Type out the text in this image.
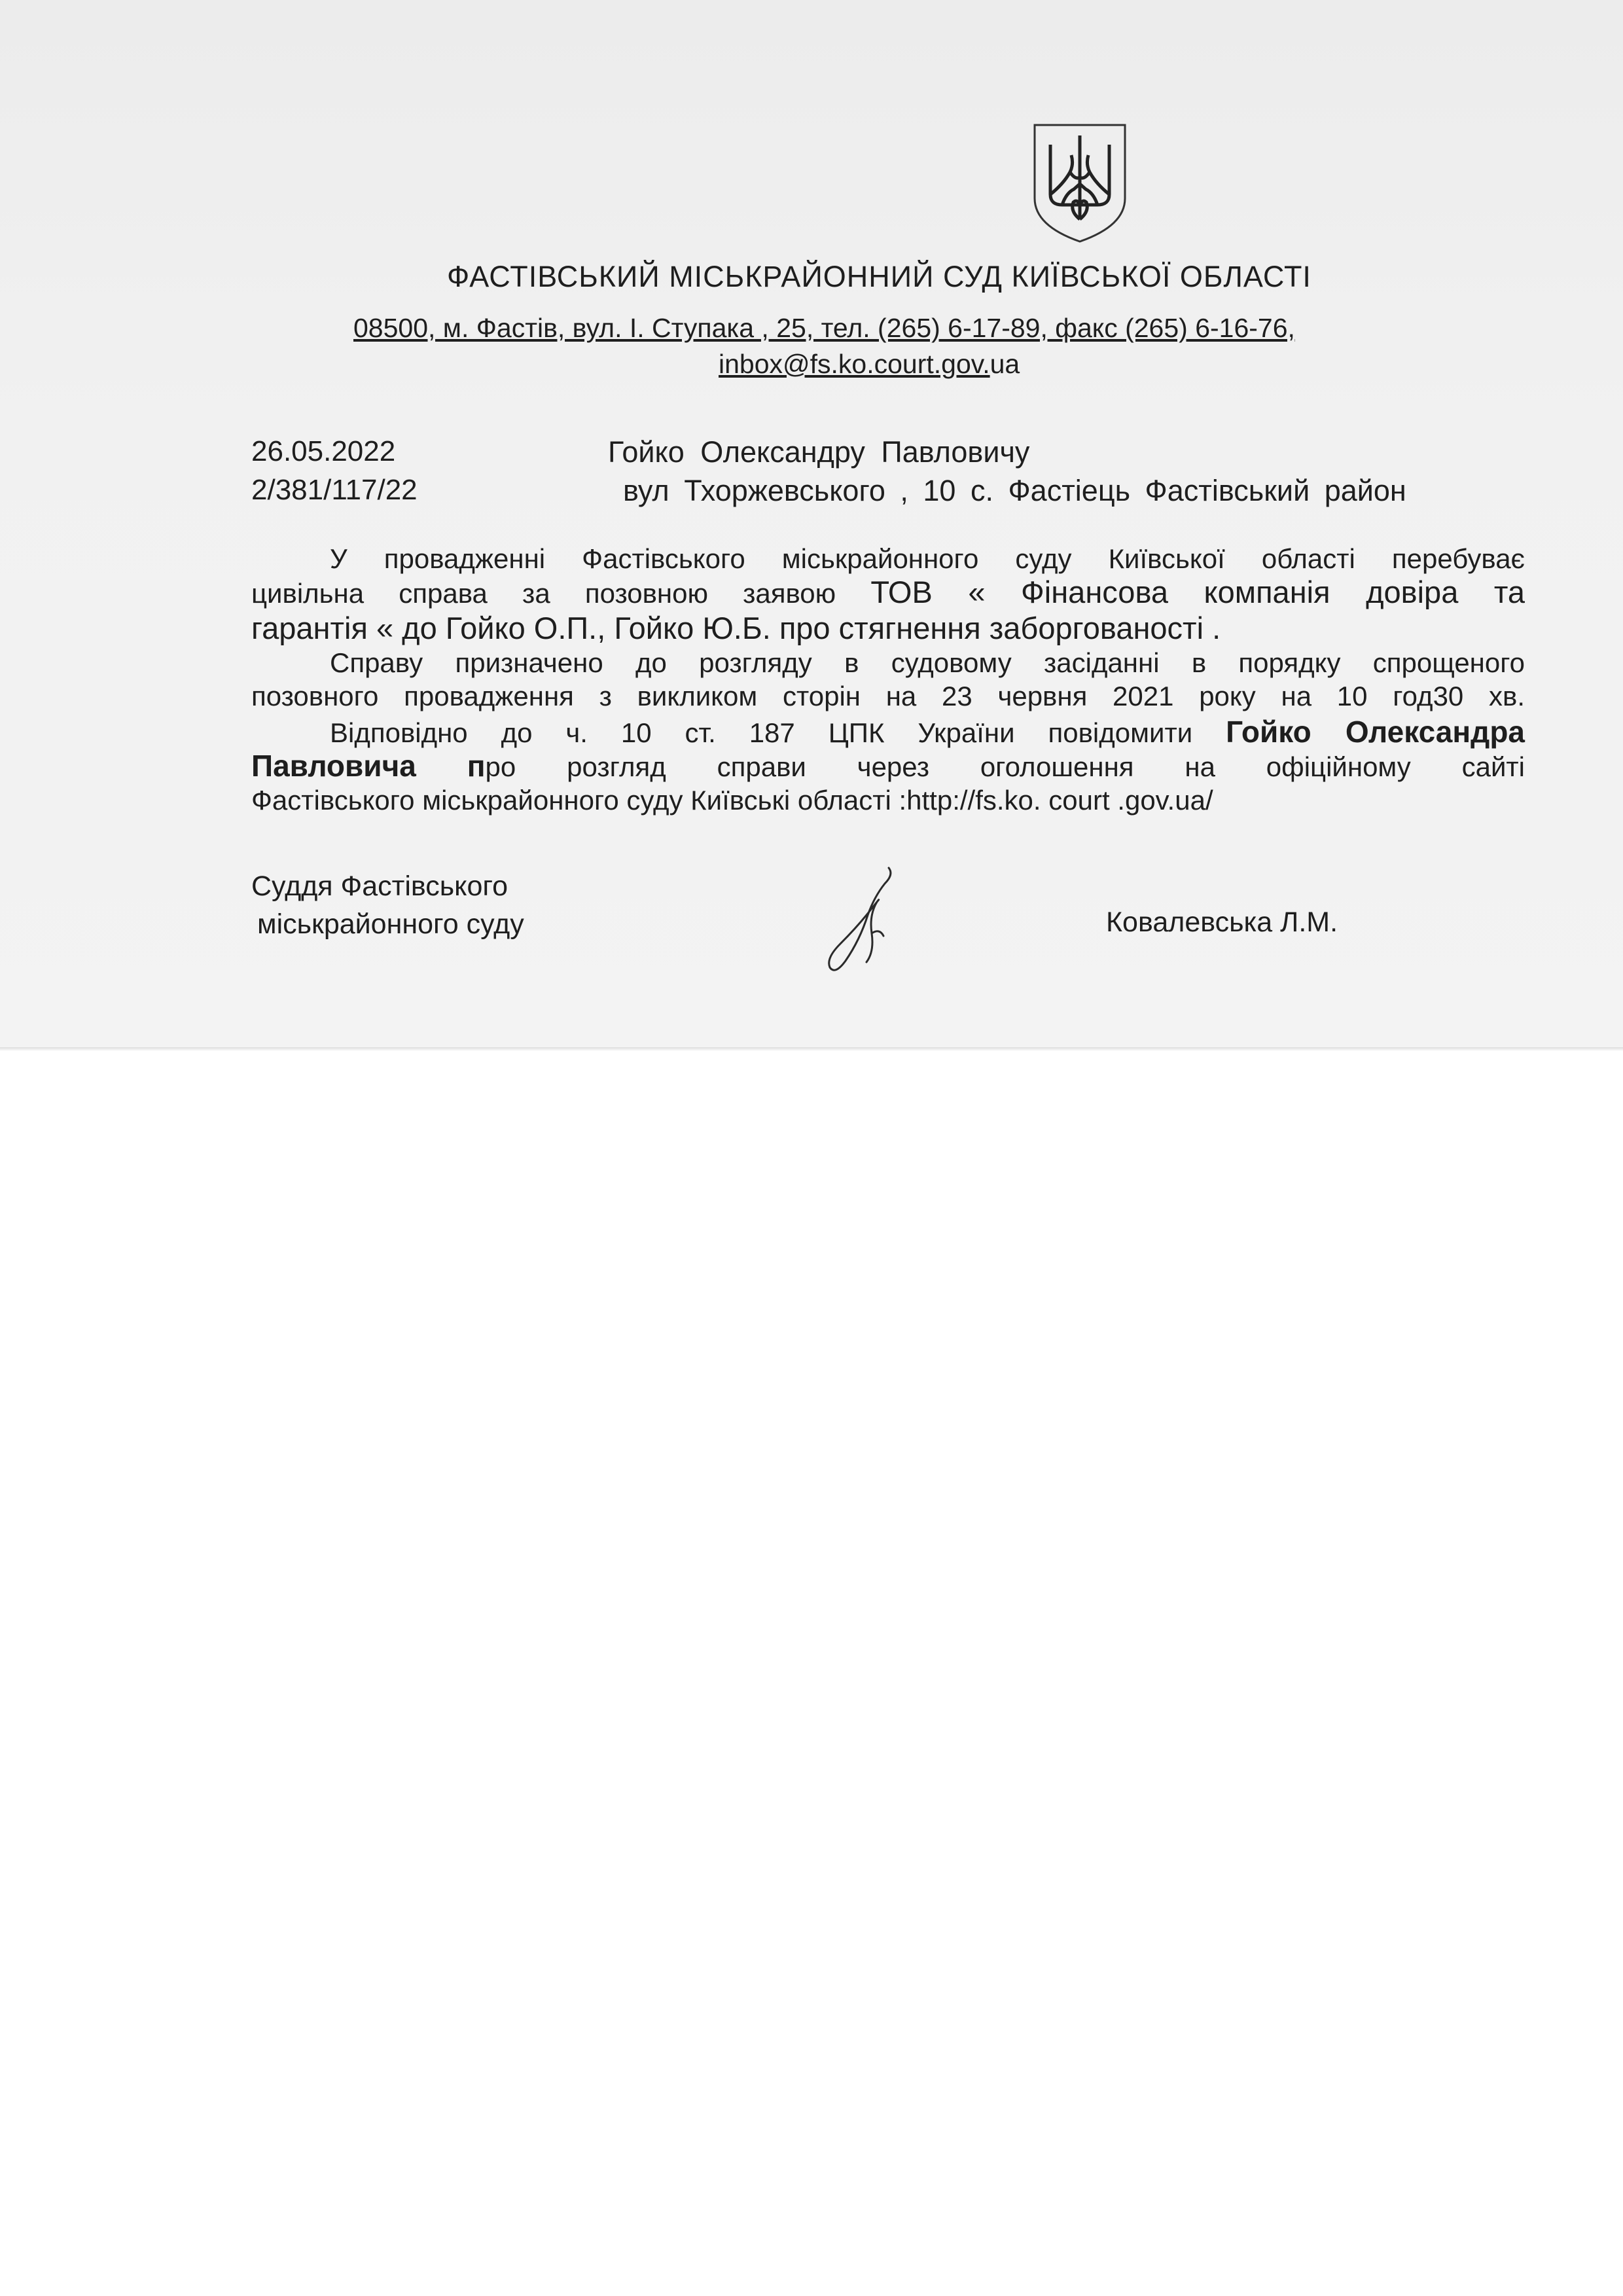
ФАСТІВСЬКИЙ МІСЬКРАЙОННИЙ СУД КИЇВСЬКОЇ ОБЛАСТІ
08500, м. Фастів, вул. І. Ступака , 25, тел. (265) 6-17-89, факс (265) 6-16-76,
inbox@fs.ko.court.gov.ua
26.05.2022
2/381/117/22
Гойко Олександру Павловичу
вул Тхоржевського , 10 с. Фастіець Фастівський район
У провадженні Фастівського міськрайонного суду Київської області перебуває
цивільна справа за позовною заявою ТОВ « Фінансова компанія довіра та
гарантія « до Гойко О.П., Гойко Ю.Б. про стягнення заборгованості .
Справу призначено до розгляду в судовому засіданні в порядку спрощеного
позовного провадження з викликом сторін на 23 червня 2021 року на 10 год30 хв.
Відповідно до ч. 10 ст. 187 ЦПК України повідомити Гойко Олександра
Павловича про розгляд справи через оголошення на офіційному сайті
Фастівського міськрайонного суду Київські області :http://fs.ko. court .gov.ua/
Суддя Фастівського
міськрайонного суду	Ковалевська Л.М.
